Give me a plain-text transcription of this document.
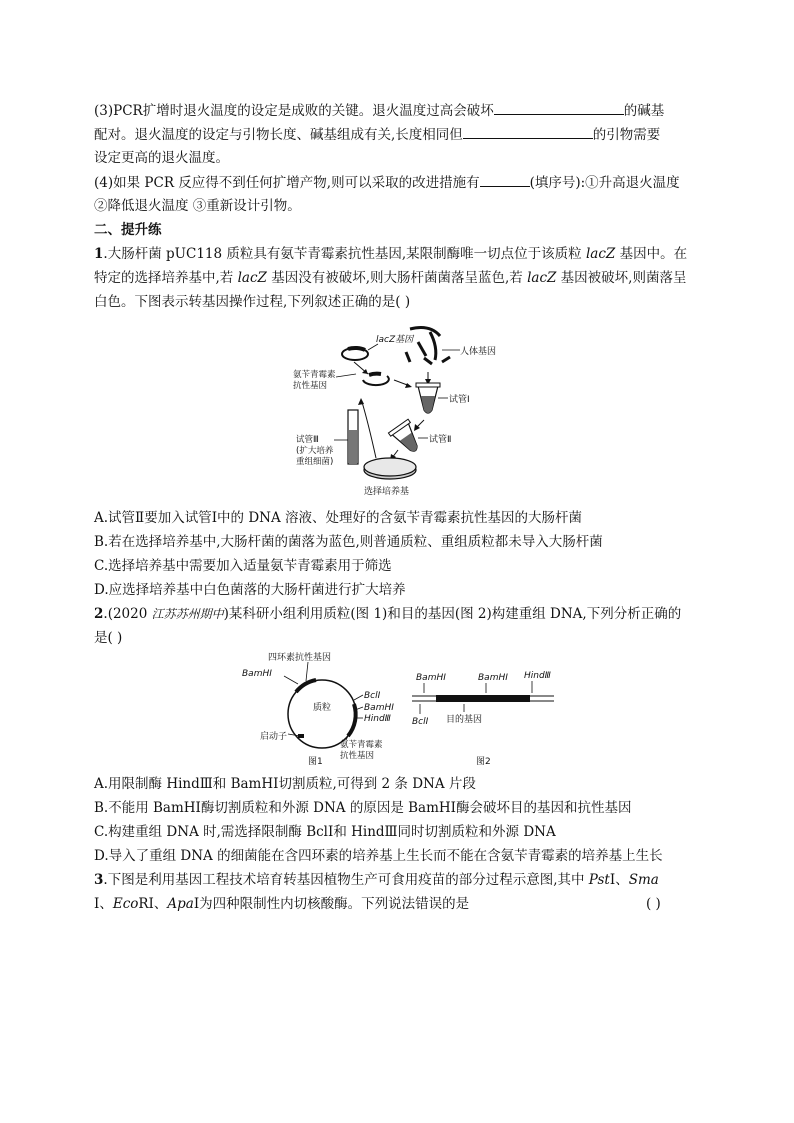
(3)PCR扩增时退火温度的设定是成败的关键。退火温度过高会破坏	的碱基
配对。退火温度的设定与引物长度、碱基组成有关,长度相同但	的引物需要
设定更高的退火温度。
(4)如果 PCR 反应得不到任何扩增产物,则可以采取的改进措施有	(填序号):①升高退火温度
②降低退火温度 ③重新设计引物。
二、提升练
1.大肠杆菌 pUC118 质粒具有氨苄青霉素抗性基因,某限制酶唯一切点位于该质粒 lacZ 基因中。在
特定的选择培养基中,若 lacZ 基因没有被破坏,则大肠杆菌菌落呈蓝色,若 lacZ 基因被破坏,则菌落呈
白色。下图表示转基因操作过程,下列叙述正确的是( )
lacZ基因
氨苄青霉素
抗性基因
人体基因
试管Ⅰ
试管Ⅱ
选择培养基
试管Ⅲ
(扩大培养
重组细菌)
A.试管Ⅱ要加入试管Ⅰ中的 DNA 溶液、处理好的含氨苄青霉素抗性基因的大肠杆菌
B.若在选择培养基中,大肠杆菌的菌落为蓝色,则普通质粒、重组质粒都未导入大肠杆菌
C.选择培养基中需要加入适量氨苄青霉素用于筛选
D.应选择培养基中白色菌落的大肠杆菌进行扩大培养
2.(2020 江苏苏州期中)某科研小组利用质粒(图 1)和目的基因(图 2)构建重组 DNA,下列分析正确的
是( )
四环素抗性基因
BamHⅠ
质粒
BclⅠ
BamHⅠ
HindⅢ
启动子
氨苄青霉素
抗性基因
图1
BamHⅠ	BamHⅠ HindⅢ
BclⅠ 目的基因
图2
A.用限制酶 HindⅢ和 BamHⅠ切割质粒,可得到 2 条 DNA 片段
B.不能用 BamHⅠ酶切割质粒和外源 DNA 的原因是 BamHⅠ酶会破坏目的基因和抗性基因
C.构建重组 DNA 时,需选择限制酶 BclⅠ和 HindⅢ同时切割质粒和外源 DNA
D.导入了重组 DNA 的细菌能在含四环素的培养基上生长而不能在含氨苄青霉素的培养基上生长
3.下图是利用基因工程技术培育转基因植物生产可食用疫苗的部分过程示意图,其中 PstⅠ、Sma
Ⅰ、EcoRⅠ、ApaⅠ为四种限制性内切核酸酶。下列说法错误的是	( )
